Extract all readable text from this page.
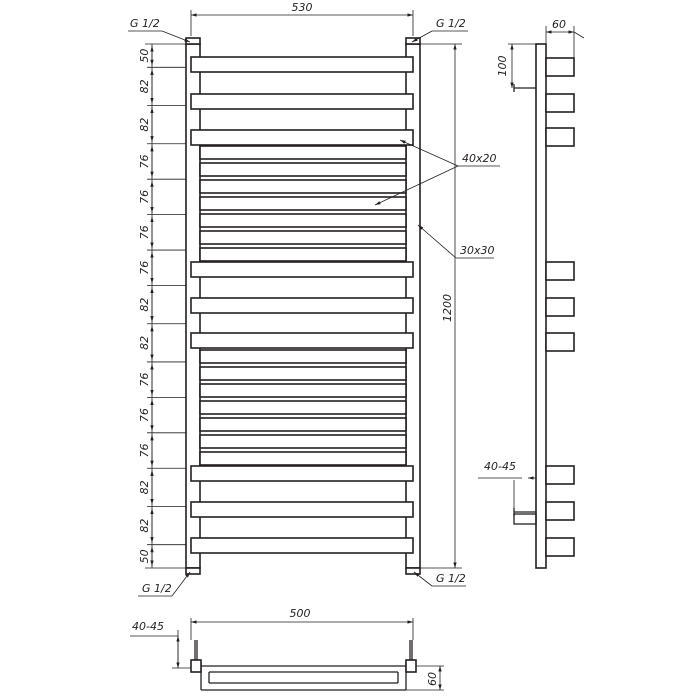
530
G 1/2	G 1/2
G 1/2
G 1/2
40x20
30x30
1200
50
82
82
76
76
76
76
82
82
76
76
76
82
82
50
60
100
40-45
500
40-45
60
